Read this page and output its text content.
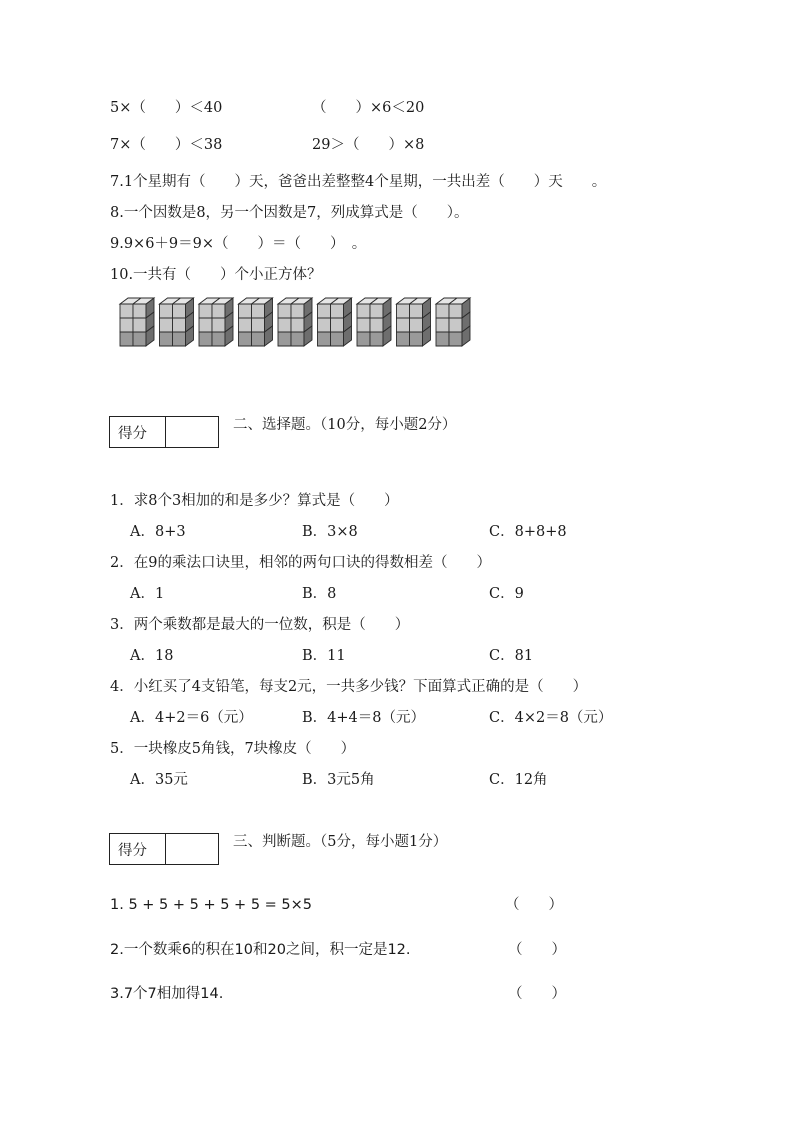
5×（　　）＜40	（　　）×6＜20
7×（　　）＜38	29＞（　　）×8
7.1个星期有（　　）天，爸爸出差整整4个星期，一共出差（　　）天　　。
8.一个因数是8，另一个因数是7，列成算式是（　　）。
9.9×6＋9＝9×（　　）＝（　　）　。
10.一共有（　　）个小正方体？
得分
二、选择题。（10分，每小题2分）
1．求8个3相加的和是多少？算式是（　　）
A．8+3	B．3×8	C．8+8+8
2．在9的乘法口诀里，相邻的两句口诀的得数相差（　　）
A．1	B．8	C．9
3．两个乘数都是最大的一位数，积是（　　）
A．18	B．11	C．81
4．小红买了4支铅笔，每支2元，一共多少钱？下面算式正确的是（　　）
A．4+2＝6（元）	B．4+4＝8（元）	C．4×2＝8（元）
5．一块橡皮5角钱，7块橡皮（　　）
A．35元	B．3元5角	C．12角
得分
三、判断题。（5分，每小题1分）
1. 5 + 5 + 5 + 5 + 5 = 5×5	（　　）
2.一个数乘6的积在10和20之间，积一定是12.	（　　）
3.7个7相加得14.	（　　）
